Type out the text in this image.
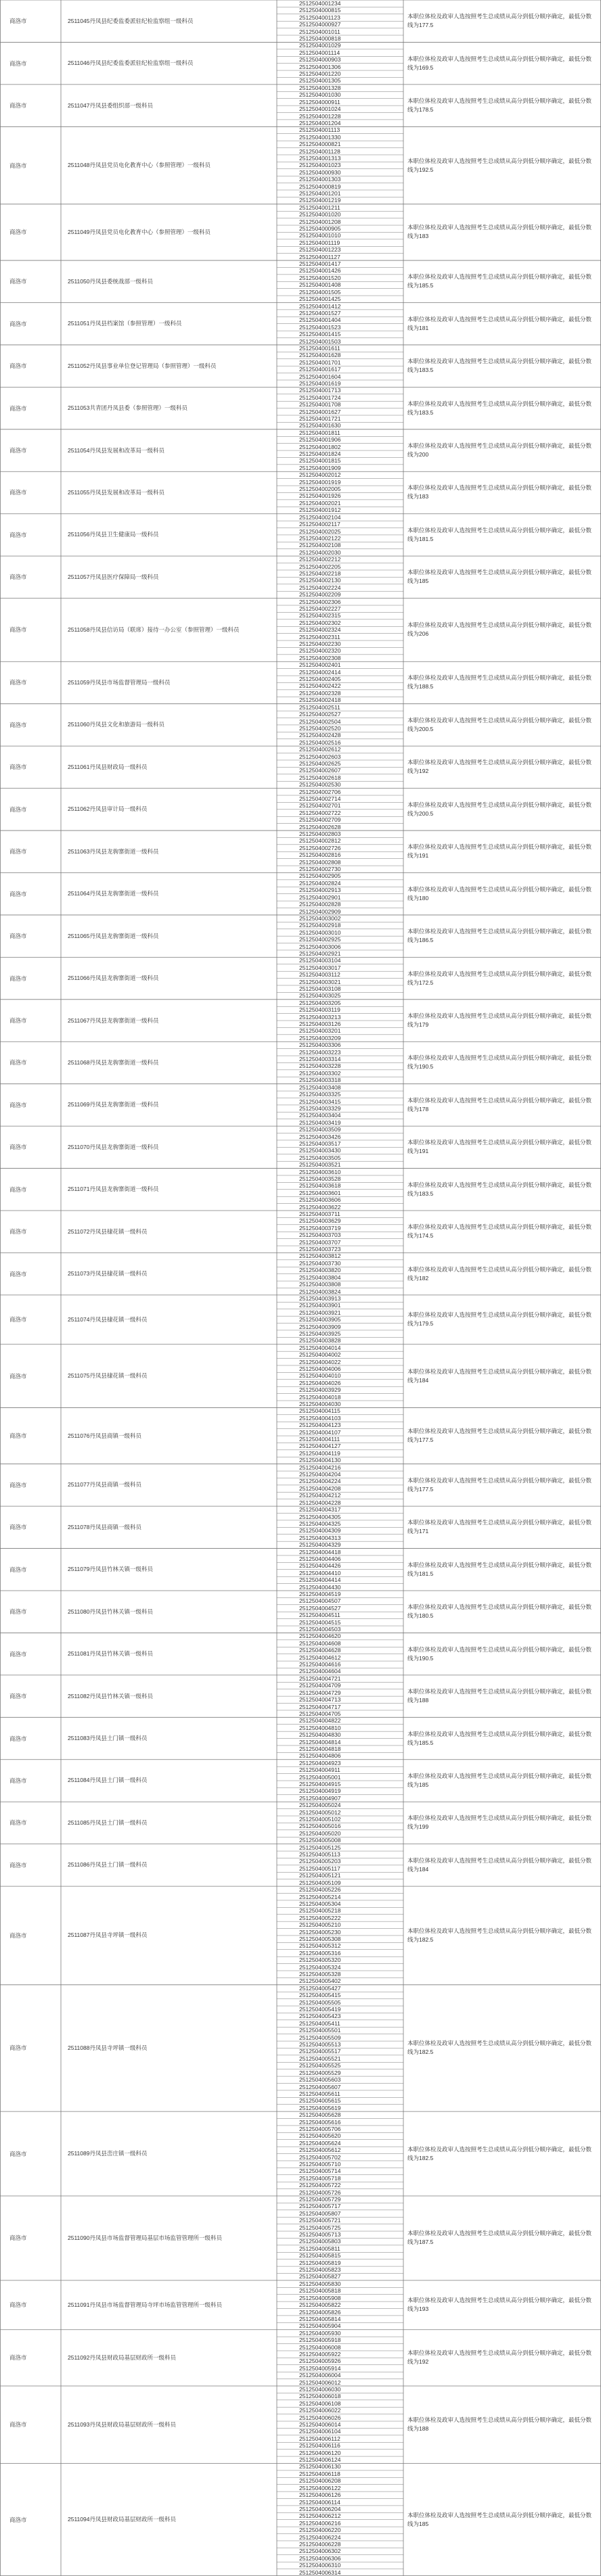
商洛市	2511045丹凤县纪委监委派驻纪检监察组一级科员
2512504001234
2512504000815
2512504001123
2512504000927
2512504001011
2512504000818
本职位体检及政审人选按照考生总成绩从高分到低分顺序确定，最低分数线为177.5
商洛市	2511046丹凤县纪委监委派驻纪检监察组一级科员
2512504001029
2512504001114
2512504000903
2512504001306
2512504001220
2512504001305
本职位体检及政审人选按照考生总成绩从高分到低分顺序确定，最低分数线为169.5
商洛市	2511047丹凤县委组织部一级科员
2512504001328
2512504001030
2512504000911
2512504001024
2512504001228
2512504001204
本职位体检及政审人选按照考生总成绩从高分到低分顺序确定，最低分数线为178.5
商洛市	2511048丹凤县党员电化教育中心（参照管理）一级科员
2512504001113
2512504001330
2512504000821
2512504001128
2512504001313
2512504001023
2512504000930
2512504001303
2512504000819
2512504001201
2512504001219
本职位体检及政审人选按照考生总成绩从高分到低分顺序确定，最低分数线为192.5
商洛市	2511049丹凤县党员电化教育中心（参照管理）一级科员
2512504001211
2512504001020
2512504001208
2512504000905
2512504001010
2512504001119
2512504001223
2512504001127
本职位体检及政审人选按照考生总成绩从高分到低分顺序确定，最低分数线为183
商洛市	2511050丹凤县委统战部一级科员
2512504001417
2512504001426
2512504001520
2512504001408
2512504001505
2512504001425
本职位体检及政审人选按照考生总成绩从高分到低分顺序确定，最低分数线为185.5
商洛市	2511051丹凤县档案馆（参照管理）一级科员
2512504001412
2512504001527
2512504001404
2512504001523
2512504001415
2512504001503
本职位体检及政审人选按照考生总成绩从高分到低分顺序确定，最低分数线为181
商洛市	2511052丹凤县事业单位登记管理局（参照管理）一级科员
2512504001611
2512504001628
2512504001701
2512504001617
2512504001604
2512504001619
本职位体检及政审人选按照考生总成绩从高分到低分顺序确定，最低分数线为183.5
商洛市	2511053共青团丹凤县委（参照管理）一级科员
2512504001713
2512504001724
2512504001708
2512504001627
2512504001721
2512504001630
本职位体检及政审人选按照考生总成绩从高分到低分顺序确定，最低分数线为183.5
商洛市	2511054丹凤县发展和改革局一级科员
2512504001811
2512504001906
2512504001802
2512504001824
2512504001815
2512504001909
本职位体检及政审人选按照考生总成绩从高分到低分顺序确定，最低分数线为200
商洛市	2511055丹凤县发展和改革局一级科员
2512504002012
2512504001919
2512504002005
2512504001926
2512504002021
2512504001912
本职位体检及政审人选按照考生总成绩从高分到低分顺序确定，最低分数线为183
商洛市	2511056丹凤县卫生健康局一级科员
2512504002104
2512504002117
2512504002025
2512504002122
2512504002108
2512504002030
本职位体检及政审人选按照考生总成绩从高分到低分顺序确定，最低分数线为181.5
商洛市	2511057丹凤县医疗保障局一级科员
2512504002212
2512504002205
2512504002218
2512504002130
2512504002224
2512504002209
本职位体检及政审人选按照考生总成绩从高分到低分顺序确定，最低分数线为185
商洛市	2511058丹凤县信访局（联席）接待一办公室（参照管理）一级科员
2512504002306
2512504002227
2512504002315
2512504002302
2512504002324
2512504002311
2512504002230
2512504002320
2512504002308
本职位体检及政审人选按照考生总成绩从高分到低分顺序确定，最低分数线为206
商洛市	2511059丹凤县市场监督管理局一级科员
2512504002401
2512504002414
2512504002405
2512504002422
2512504002328
2512504002418
本职位体检及政审人选按照考生总成绩从高分到低分顺序确定，最低分数线为188.5
商洛市	2511060丹凤县文化和旅游局一级科员
2512504002511
2512504002527
2512504002504
2512504002520
2512504002428
2512504002516
本职位体检及政审人选按照考生总成绩从高分到低分顺序确定，最低分数线为200.5
商洛市	2511061丹凤县财政局一级科员
2512504002612
2512504002603
2512504002625
2512504002607
2512504002618
2512504002530
本职位体检及政审人选按照考生总成绩从高分到低分顺序确定，最低分数线为192
商洛市	2511062丹凤县审计局一级科员
2512504002706
2512504002714
2512504002701
2512504002722
2512504002709
2512504002628
本职位体检及政审人选按照考生总成绩从高分到低分顺序确定，最低分数线为200.5
商洛市	2511063丹凤县龙驹寨街道一级科员
2512504002803
2512504002812
2512504002726
2512504002816
2512504002808
2512504002730
本职位体检及政审人选按照考生总成绩从高分到低分顺序确定，最低分数线为191
商洛市	2511064丹凤县龙驹寨街道一级科员
2512504002905
2512504002824
2512504002913
2512504002901
2512504002828
2512504002909
本职位体检及政审人选按照考生总成绩从高分到低分顺序确定，最低分数线为180
商洛市	2511065丹凤县龙驹寨街道一级科员
2512504003002
2512504002918
2512504003010
2512504002925
2512504003006
2512504002921
本职位体检及政审人选按照考生总成绩从高分到低分顺序确定，最低分数线为186.5
商洛市	2511066丹凤县龙驹寨街道一级科员
2512504003104
2512504003017
2512504003112
2512504003021
2512504003108
2512504003025
本职位体检及政审人选按照考生总成绩从高分到低分顺序确定，最低分数线为172.5
商洛市	2511067丹凤县龙驹寨街道一级科员
2512504003205
2512504003119
2512504003213
2512504003126
2512504003201
2512504003209
本职位体检及政审人选按照考生总成绩从高分到低分顺序确定，最低分数线为179
商洛市	2511068丹凤县龙驹寨街道一级科员
2512504003306
2512504003223
2512504003314
2512504003228
2512504003302
2512504003318
本职位体检及政审人选按照考生总成绩从高分到低分顺序确定，最低分数线为190.5
商洛市	2511069丹凤县龙驹寨街道一级科员
2512504003408
2512504003325
2512504003415
2512504003329
2512504003404
2512504003419
本职位体检及政审人选按照考生总成绩从高分到低分顺序确定，最低分数线为178
商洛市	2511070丹凤县龙驹寨街道一级科员
2512504003509
2512504003426
2512504003517
2512504003430
2512504003505
2512504003521
本职位体检及政审人选按照考生总成绩从高分到低分顺序确定，最低分数线为191
商洛市	2511071丹凤县龙驹寨街道一级科员
2512504003610
2512504003528
2512504003618
2512504003601
2512504003606
2512504003622
本职位体检及政审人选按照考生总成绩从高分到低分顺序确定，最低分数线为183.5
商洛市	2511072丹凤县棣花镇一级科员
2512504003711
2512504003629
2512504003719
2512504003703
2512504003707
2512504003723
本职位体检及政审人选按照考生总成绩从高分到低分顺序确定，最低分数线为174.5
商洛市	2511073丹凤县棣花镇一级科员
2512504003812
2512504003730
2512504003820
2512504003804
2512504003808
2512504003824
本职位体检及政审人选按照考生总成绩从高分到低分顺序确定，最低分数线为182
商洛市	2511074丹凤县棣花镇一级科员
2512504003913
2512504003901
2512504003921
2512504003905
2512504003909
2512504003925
2512504003828
本职位体检及政审人选按照考生总成绩从高分到低分顺序确定，最低分数线为179.5
商洛市	2511075丹凤县棣花镇一级科员
2512504004014
2512504004002
2512504004022
2512504004006
2512504004010
2512504004026
2512504003929
2512504004018
2512504004030
本职位体检及政审人选按照考生总成绩从高分到低分顺序确定，最低分数线为184
商洛市	2511076丹凤县商镇一级科员
2512504004115
2512504004103
2512504004123
2512504004107
2512504004111
2512504004127
2512504004119
2512504004130
本职位体检及政审人选按照考生总成绩从高分到低分顺序确定，最低分数线为177.5
商洛市	2511077丹凤县商镇一级科员
2512504004216
2512504004204
2512504004224
2512504004208
2512504004212
2512504004228
本职位体检及政审人选按照考生总成绩从高分到低分顺序确定，最低分数线为177.5
商洛市	2511078丹凤县商镇一级科员
2512504004317
2512504004305
2512504004325
2512504004309
2512504004313
2512504004329
本职位体检及政审人选按照考生总成绩从高分到低分顺序确定，最低分数线为171
商洛市	2511079丹凤县竹林关镇一级科员
2512504004418
2512504004406
2512504004426
2512504004410
2512504004414
2512504004430
本职位体检及政审人选按照考生总成绩从高分到低分顺序确定，最低分数线为181.5
商洛市	2511080丹凤县竹林关镇一级科员
2512504004519
2512504004507
2512504004527
2512504004511
2512504004515
2512504004503
本职位体检及政审人选按照考生总成绩从高分到低分顺序确定，最低分数线为180.5
商洛市	2511081丹凤县竹林关镇一级科员
2512504004620
2512504004608
2512504004628
2512504004612
2512504004616
2512504004604
本职位体检及政审人选按照考生总成绩从高分到低分顺序确定，最低分数线为190.5
商洛市	2511082丹凤县竹林关镇一级科员
2512504004721
2512504004709
2512504004729
2512504004713
2512504004717
2512504004705
本职位体检及政审人选按照考生总成绩从高分到低分顺序确定，最低分数线为188
商洛市	2511083丹凤县土门镇一级科员
2512504004822
2512504004810
2512504004830
2512504004814
2512504004818
2512504004806
本职位体检及政审人选按照考生总成绩从高分到低分顺序确定，最低分数线为185.5
商洛市	2511084丹凤县土门镇一级科员
2512504004923
2512504004911
2512504005001
2512504004915
2512504004919
2512504004907
本职位体检及政审人选按照考生总成绩从高分到低分顺序确定，最低分数线为185
商洛市	2511085丹凤县土门镇一级科员
2512504005024
2512504005012
2512504005102
2512504005016
2512504005020
2512504005008
本职位体检及政审人选按照考生总成绩从高分到低分顺序确定，最低分数线为199
商洛市	2511086丹凤县土门镇一级科员
2512504005125
2512504005113
2512504005203
2512504005117
2512504005121
2512504005109
本职位体检及政审人选按照考生总成绩从高分到低分顺序确定，最低分数线为184
商洛市	2511087丹凤县寺坪镇一级科员
2512504005226
2512504005214
2512504005304
2512504005218
2512504005222
2512504005210
2512504005230
2512504005308
2512504005312
2512504005316
2512504005320
2512504005324
2512504005328
2512504005402
本职位体检及政审人选按照考生总成绩从高分到低分顺序确定，最低分数线为182.5
商洛市	2511088丹凤县寺坪镇一级科员
2512504005427
2512504005415
2512504005505
2512504005419
2512504005423
2512504005411
2512504005501
2512504005509
2512504005513
2512504005517
2512504005521
2512504005525
2512504005529
2512504005603
2512504005607
2512504005611
2512504005615
2512504005619
本职位体检及政审人选按照考生总成绩从高分到低分顺序确定，最低分数线为182.5
商洛市	2511089丹凤县峦庄镇一级科员
2512504005628
2512504005616
2512504005706
2512504005620
2512504005624
2512504005612
2512504005702
2512504005710
2512504005714
2512504005718
2512504005722
2512504005726
本职位体检及政审人选按照考生总成绩从高分到低分顺序确定，最低分数线为182.5
商洛市	2511090丹凤县市场监督管理局基层市场监管管理所一级科员
2512504005729
2512504005717
2512504005807
2512504005721
2512504005725
2512504005713
2512504005803
2512504005811
2512504005815
2512504005819
2512504005823
2512504005827
本职位体检及政审人选按照考生总成绩从高分到低分顺序确定，最低分数线为187.5
商洛市	2511091丹凤县市场监督管理局寺坪市场监管管理所一级科员
2512504005830
2512504005818
2512504005908
2512504005822
2512504005826
2512504005814
2512504005904
本职位体检及政审人选按照考生总成绩从高分到低分顺序确定，最低分数线为193
商洛市	2511092丹凤县财政局基层财政所一级科员
2512504005930
2512504005918
2512504006008
2512504005922
2512504005926
2512504005914
2512504006004
2512504006012
本职位体检及政审人选按照考生总成绩从高分到低分顺序确定，最低分数线为192
商洛市	2511093丹凤县财政局基层财政所一级科员
2512504006030
2512504006018
2512504006108
2512504006022
2512504006026
2512504006014
2512504006104
2512504006112
2512504006116
2512504006120
2512504006124
本职位体检及政审人选按照考生总成绩从高分到低分顺序确定，最低分数线为188
商洛市	2511094丹凤县财政局基层财政所一级科员
2512504006130
2512504006118
2512504006208
2512504006122
2512504006126
2512504006114
2512504006204
2512504006212
2512504006216
2512504006220
2512504006224
2512504006228
2512504006302
2512504006306
2512504006310
2512504006314
本职位体检及政审人选按照考生总成绩从高分到低分顺序确定，最低分数线为185
